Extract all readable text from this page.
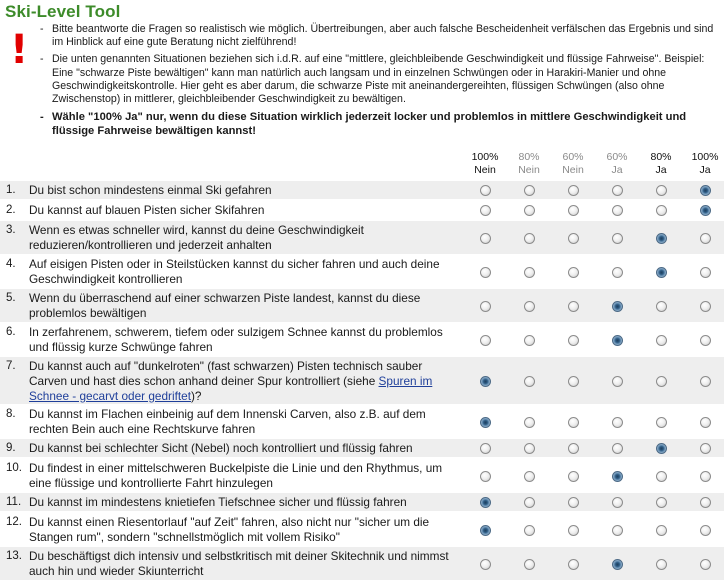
Ski-Level Tool
! - Bitte beantworte die Fragen so realistisch wie möglich. Übertreibungen, aber auch falsche Bescheidenheit verfälschen das Ergebnis und sind im Hinblick auf eine gute Beratung nicht zielführend!
- Die unten genannten Situationen beziehen sich i.d.R. auf eine "mittlere, gleichbleibende Geschwindigkeit und flüssige Fahrweise". Beispiel: Eine "schwarze Piste bewältigen" kann man natürlich auch langsam und in einzelnen Schwüngen oder in Harakiri-Manier und ohne Geschwindigkeitskontrolle. Hier geht es aber darum, die schwarze Piste mit aneinandergereihten, flüssigen Schwüngen (also ohne Zwischenstop) in mittlerer, gleichbleibender Geschwindigkeit zu bewältigen.
- Wähle "100% Ja" nur, wenn du diese Situation wirklich jederzeit locker und problemlos in mittlere Geschwindigkeit und flüssige Fahrweise bewältigen kannst!
100%
Nein
80%
Nein
60%
Nein
60%
Ja
80%
Ja
100%
Ja
1. Du bist schon mindestens einmal Ski gefahren
2. Du kannst auf blauen Pisten sicher Skifahren
3. Wenn es etwas schneller wird, kannst du deine Geschwindigkeit reduzieren/kontrollieren und jederzeit anhalten
4. Auf eisigen Pisten oder in Steilstücken kannst du sicher fahren und auch deine Geschwindigkeit kontrollieren
5. Wenn du überraschend auf einer schwarzen Piste landest, kannst du diese problemlos bewältigen
6. In zerfahrenem, schwerem, tiefem oder sulzigem Schnee kannst du problemlos und flüssig kurze Schwünge fahren
7. Du kannst auch auf "dunkelroten" (fast schwarzen) Pisten technisch sauber Carven und hast dies schon anhand deiner Spur kontrolliert (siehe Spuren im Schnee - gecarvt oder gedriftet)?
8. Du kannst im Flachen einbeinig auf dem Innenski Carven, also z.B. auf dem rechten Bein auch eine Rechtskurve fahren
9. Du kannst bei schlechter Sicht (Nebel) noch kontrolliert und flüssig fahren
10. Du findest in einer mittelschweren Buckelpiste die Linie und den Rhythmus, um eine flüssige und kontrollierte Fahrt hinzulegen
11. Du kannst im mindestens knietiefen Tiefschnee sicher und flüssig fahren
12. Du kannst einen Riesentorlauf "auf Zeit" fahren, also nicht nur "sicher um die Stangen rum", sondern "schnellstmöglich mit vollem Risiko"
13. Du beschäftigst dich intensiv und selbstkritisch mit deiner Skitechnik und nimmst auch hin und wieder Skiunterricht
